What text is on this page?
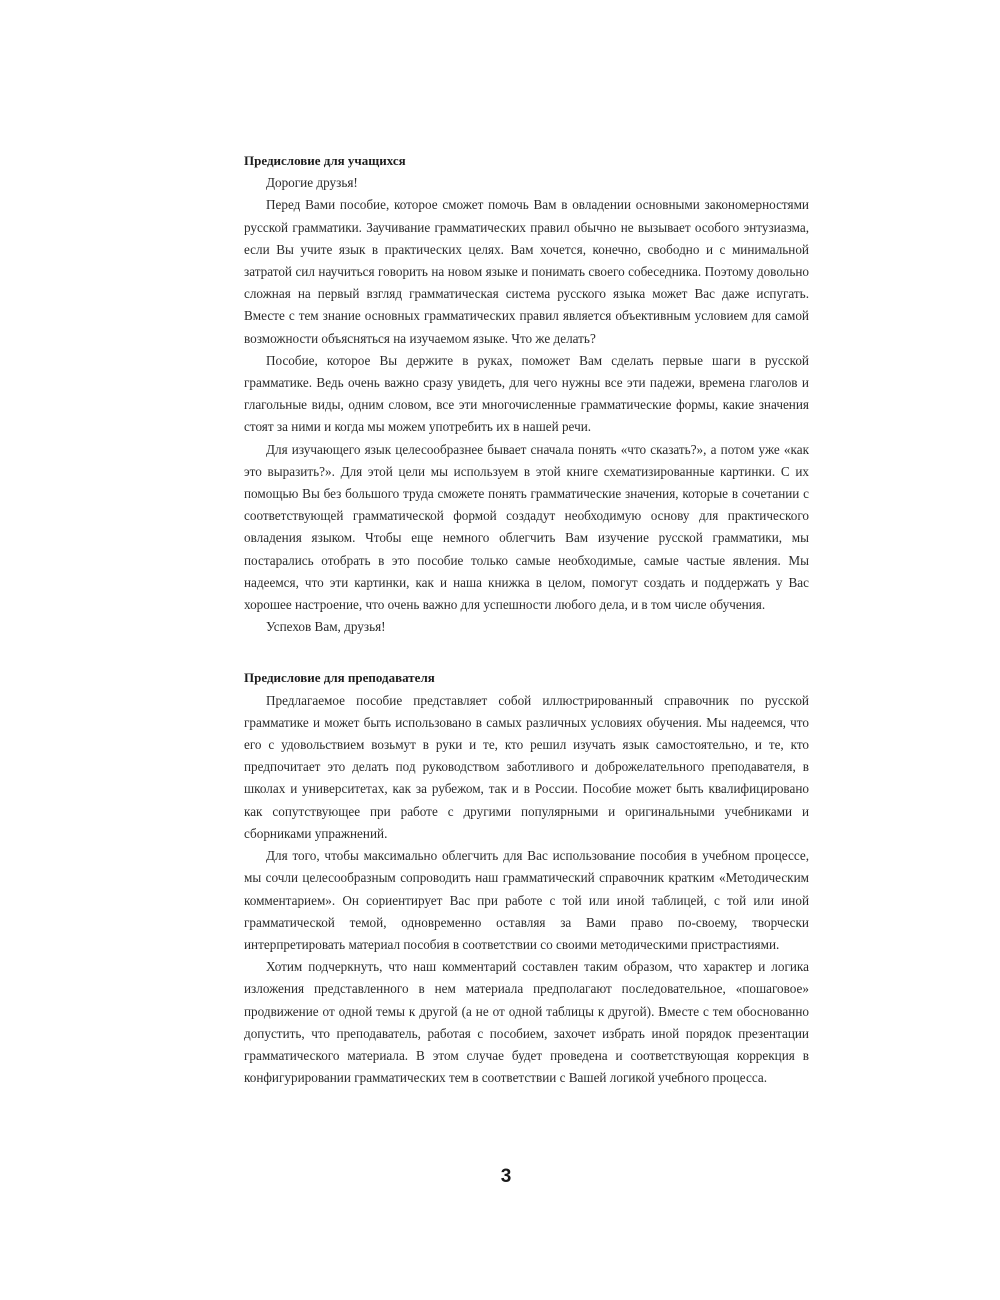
Предисловие для учащихся

Дорогие друзья!

Перед Вами пособие, которое сможет помочь Вам в овладении основными закономерностями русской грамматики. Заучивание грамматических правил обычно не вызывает особого энтузиазма, если Вы учите язык в практических целях. Вам хочется, конечно, свободно и с минимальной затратой сил научиться говорить на новом языке и понимать своего собеседника. Поэтому довольно сложная на первый взгляд грамматическая система русского языка может Вас даже испугать. Вместе с тем знание основных грамматических правил является объективным условием для самой возможности объясняться на изучаемом языке. Что же делать?

Пособие, которое Вы держите в руках, поможет Вам сделать первые шаги в русской грамматике. Ведь очень важно сразу увидеть, для чего нужны все эти падежи, времена глаголов и глагольные виды, одним словом, все эти многочисленные грамматические формы, какие значения стоят за ними и когда мы можем употребить их в нашей речи.

Для изучающего язык целесообразнее бывает сначала понять «что сказать?», а потом уже «как это выразить?». Для этой цели мы используем в этой книге схематизированные картинки. С их помощью Вы без большого труда сможете понять грамматические значения, которые в сочетании с соответствующей грамматической формой создадут необходимую основу для практического овладения языком. Чтобы еще немного облегчить Вам изучение русской грамматики, мы постарались отобрать в это пособие только самые необходимые, самые частые явления. Мы надеемся, что эти картинки, как и наша книжка в целом, помогут создать и поддержать у Вас хорошее настроение, что очень важно для успешности любого дела, и в том числе обучения.

Успехов Вам, друзья!

Предисловие для преподавателя

Предлагаемое пособие представляет собой иллюстрированный справочник по русской грамматике и может быть использовано в самых различных условиях обучения. Мы надеемся, что его с удовольствием возьмут в руки и те, кто решил изучать язык самостоятельно, и те, кто предпочитает это делать под руководством заботливого и доброжелательного преподавателя, в школах и университетах, как за рубежом, так и в России. Пособие может быть квалифицировано как сопутствующее при работе с другими популярными и оригинальными учебниками и сборниками упражнений.

Для того, чтобы максимально облегчить для Вас использование пособия в учебном процессе, мы сочли целесообразным сопроводить наш грамматический справочник кратким «Методическим комментарием». Он сориентирует Вас при работе с той или иной таблицей, с той или иной грамматической темой, одновременно оставляя за Вами право по-своему, творчески интерпретировать материал пособия в соответствии со своими методическими пристрастиями.

Хотим подчеркнуть, что наш комментарий составлен таким образом, что характер и логика изложения представленного в нем материала предполагают последовательное, «пошаговое» продвижение от одной темы к другой (а не от одной таблицы к другой). Вместе с тем обоснованно допустить, что преподаватель, работая с пособием, захочет избрать иной порядок презентации грамматического материала. В этом случае будет проведена и соответствующая коррекция в конфигурировании грамматических тем в соответствии с Вашей логикой учебного процесса.

3
